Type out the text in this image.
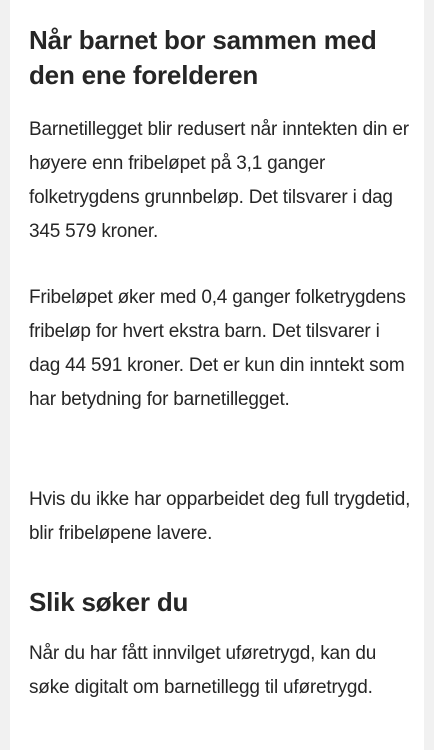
Når barnet bor sammen med den ene forelderen

Barnetillegget blir redusert når inntekten din er høyere enn fribeløpet på 3,1 ganger folketrygdens grunnbeløp. Det tilsvarer i dag 345 579 kroner.

Fribeløpet øker med 0,4 ganger folketrygdens fribeløp for hvert ekstra barn. Det tilsvarer i dag 44 591 kroner. Det er kun din inntekt som har betydning for barnetillegget.

Hvis du ikke har opparbeidet deg full trygdetid, blir fribeløpene lavere.

Slik søker du

Når du har fått innvilget uføretrygd, kan du søke digitalt om barnetillegg til uføretrygd.
